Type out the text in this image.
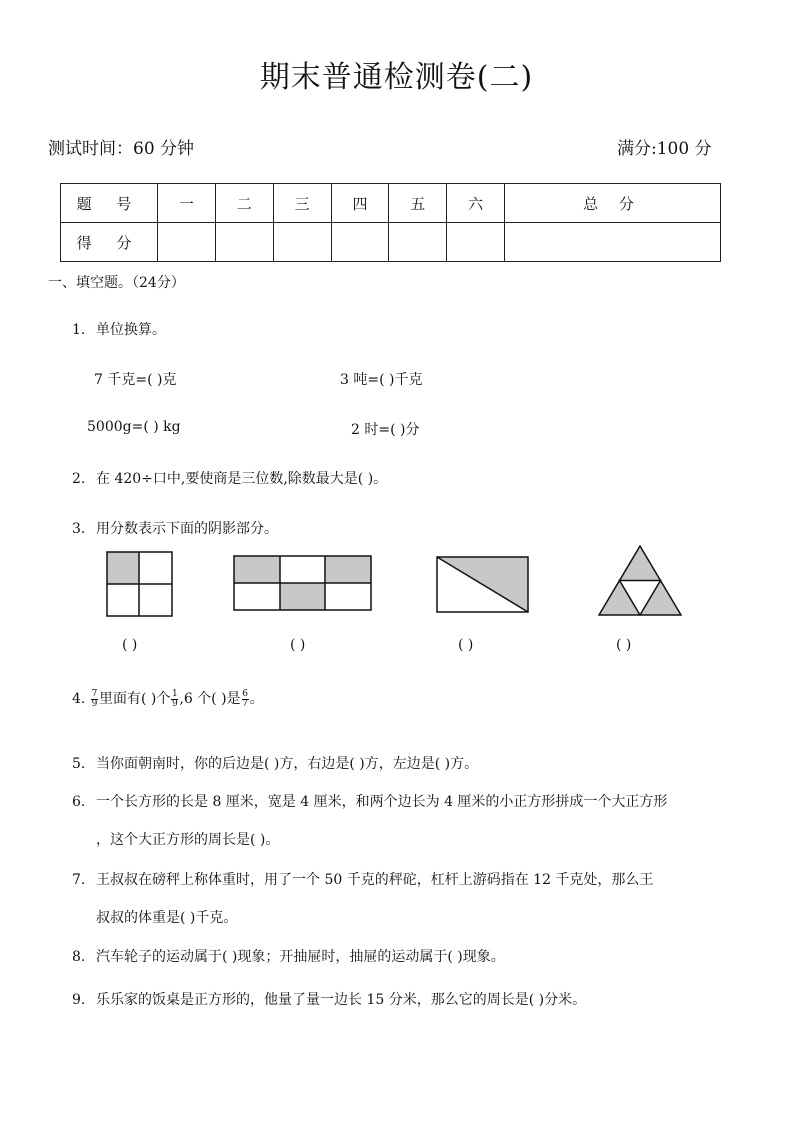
期末普通检测卷(二)
测试时间：60 分钟	满分:100 分
题 号	一	二	三	四	五	六	总 分
得 分							
一、填空题。（24分）
1. 单位换算。
7 千克=( )克	3 吨=( )千克
5000g=( ) kg	2 时=( )分
2. 在 420÷口中,要使商是三位数,除数最大是( )。
3. 用分数表示下面的阴影部分。
( )	( )	( )	( )
4. $\frac{7}{9}$ 里面有( )个 $\frac{1}{9} ,6$ 个( )是 $\frac{6}{7}$ 。
5. 当你面朝南时，你的后边是( )方，右边是( )方，左边是( )方。
6. 一个长方形的长是 8 厘米，宽是 4 厘米，和两个边长为 4 厘米的小正方形拼成一个大正方形
，这个大正方形的周长是( )。
7. 王叔叔在磅秤上称体重时，用了一个 50 千克的秤砣，杠杆上游码指在 12 千克处，那么王
叔叔的体重是( )千克。
8. 汽车轮子的运动属于( )现象；开抽屉时，抽屉的运动属于( )现象。
9. 乐乐家的饭桌是正方形的，他量了量一边长 15 分米，那么它的周长是( )分米。
